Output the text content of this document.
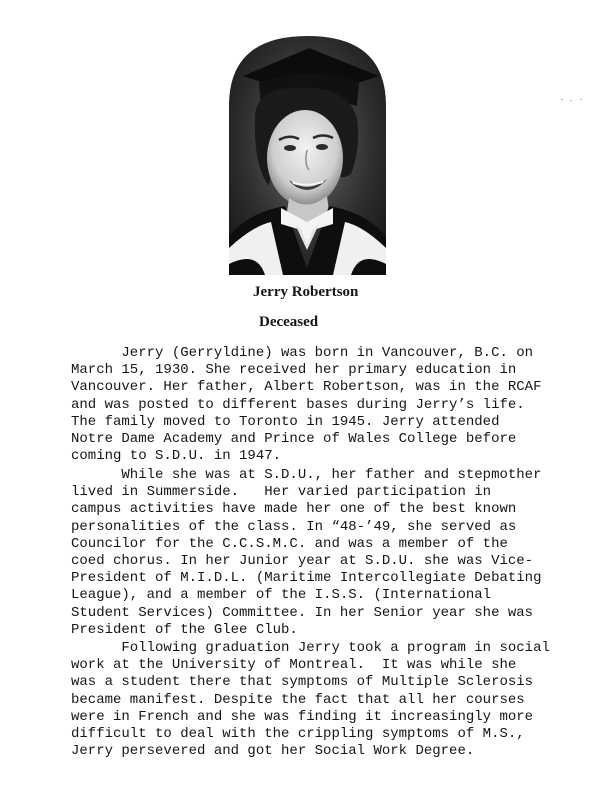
Jerry Robertson
Deceased

Jerry (Gerryldine) was born in Vancouver, B.C. on
March 15, 1930. She received her primary education in
Vancouver. Her father, Albert Robertson, was in the RCAF
and was posted to different bases during Jerry’s life.
The family moved to Toronto in 1945. Jerry attended
Notre Dame Academy and Prince of Wales College before
coming to S.D.U. in 1947.

While she was at S.D.U., her father and stepmother
lived in Summerside.   Her varied participation in
campus activities have made her one of the best known
personalities of the class. In “48-’49, she served as
Councilor for the C.C.S.M.C. and was a member of the
coed chorus. In her Junior year at S.D.U. she was Vice-
President of M.I.D.L. (Maritime Intercollegiate Debating
League), and a member of the I.S.S. (International
Student Services) Committee. In her Senior year she was
President of the Glee Club.

Following graduation Jerry took a program in social
work at the University of Montreal.  It was while she
was a student there that symptoms of Multiple Sclerosis
became manifest. Despite the fact that all her courses
were in French and she was finding it increasingly more
difficult to deal with the crippling symptoms of M.S.,
Jerry persevered and got her Social Work Degree.
